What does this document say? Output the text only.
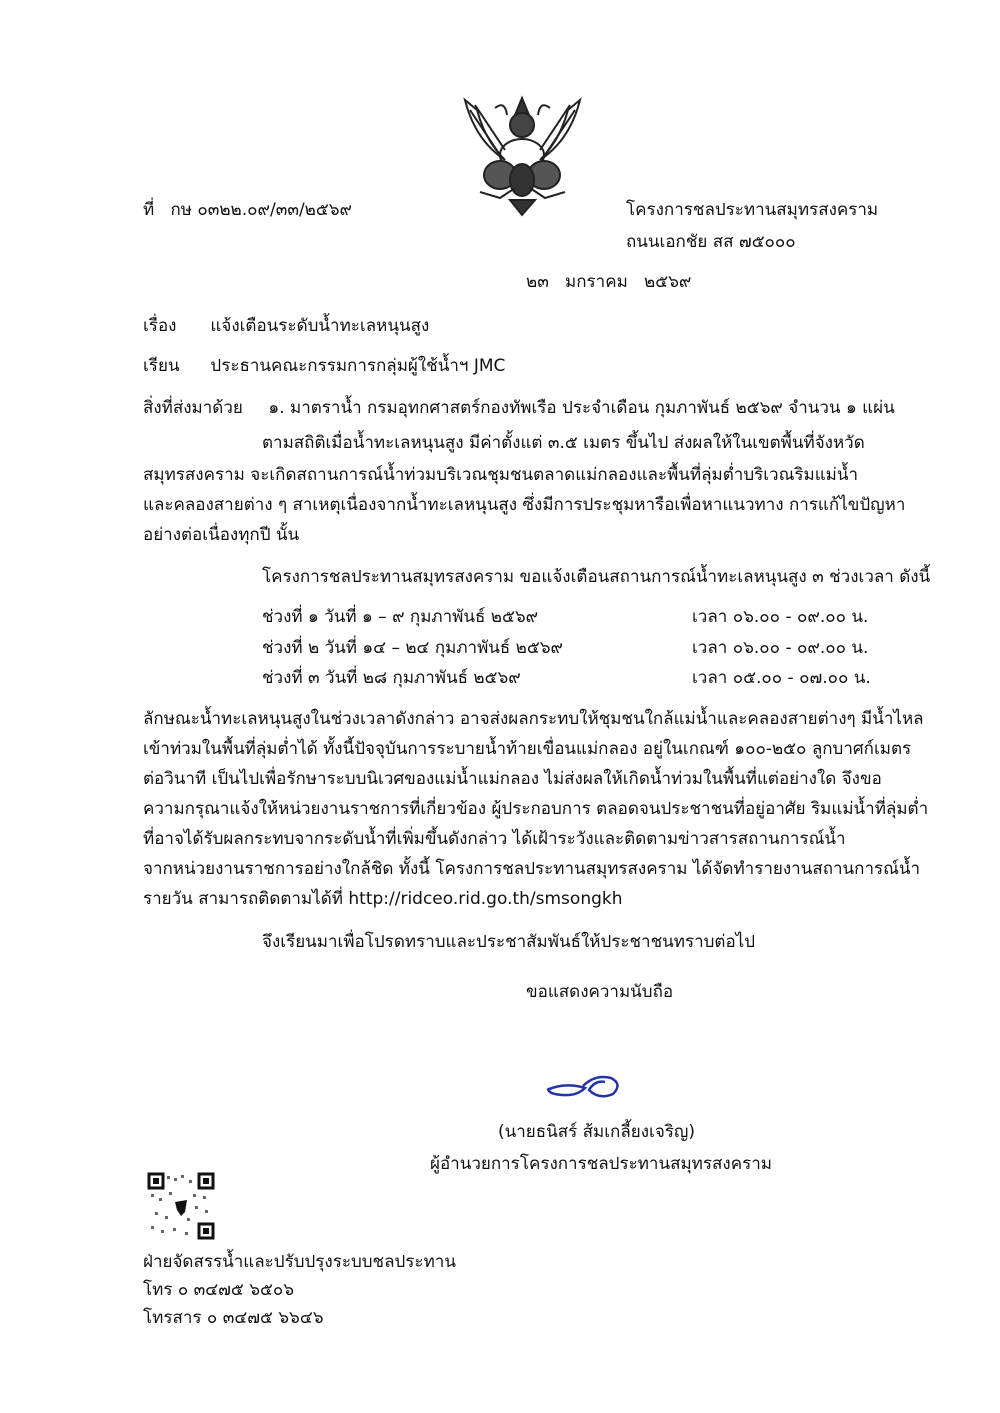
ที่ กษ ๐๓๒๒.๐๙/๓๓/๒๕๖๙	โครงการชลประทานสมุทรสงคราม
ถนนเอกชัย สส ๗๕๐๐๐
๒๓   มกราคม   ๒๕๖๙
เรื่อง แจ้งเตือนระดับน้ำทะเลหนุนสูง
เรียน ประธานคณะกรรมการกลุ่มผู้ใช้น้ำฯ JMC
สิ่งที่ส่งมาด้วย ๑. มาตราน้ำ กรมอุทกศาสตร์กองทัพเรือ ประจำเดือน กุมภาพันธ์ ๒๕๖๙ จำนวน ๑ แผ่น
ตามสถิติเมื่อน้ำทะเลหนุนสูง มีค่าตั้งแต่ ๓.๕ เมตร ขึ้นไป ส่งผลให้ในเขตพื้นที่จังหวัด
สมุทรสงคราม จะเกิดสถานการณ์น้ำท่วมบริเวณชุมชนตลาดแม่กลองและพื้นที่ลุ่มต่ำบริเวณริมแม่น้ำ
และคลองสายต่าง ๆ สาเหตุเนื่องจากน้ำทะเลหนุนสูง ซึ่งมีการประชุมหารือเพื่อหาแนวทาง การแก้ไขปัญหา
อย่างต่อเนื่องทุกปี นั้น
โครงการชลประทานสมุทรสงคราม ขอแจ้งเตือนสถานการณ์น้ำทะเลหนุนสูง ๓ ช่วงเวลา ดังนี้
ช่วงที่ ๑ วันที่ ๑ – ๙ กุมภาพันธ์ ๒๕๖๙	เวลา ๐๖.๐๐ - ๐๙.๐๐ น.
ช่วงที่ ๒ วันที่ ๑๔ – ๒๔ กุมภาพันธ์ ๒๕๖๙	เวลา ๐๖.๐๐ - ๐๙.๐๐ น.
ช่วงที่ ๓ วันที่ ๒๘ กุมภาพันธ์ ๒๕๖๙	เวลา ๐๕.๐๐ - ๐๗.๐๐ น.
ลักษณะน้ำทะเลหนุนสูงในช่วงเวลาดังกล่าว อาจส่งผลกระทบให้ชุมชนใกล้แม่น้ำและคลองสายต่างๆ มีน้ำไหล
เข้าท่วมในพื้นที่ลุ่มต่ำได้ ทั้งนี้ปัจจุบันการระบายน้ำท้ายเขื่อนแม่กลอง อยู่ในเกณฑ์ ๑๐๐-๒๕๐ ลูกบาศก์เมตร
ต่อวินาที เป็นไปเพื่อรักษาระบบนิเวศของแม่น้ำแม่กลอง ไม่ส่งผลให้เกิดน้ำท่วมในพื้นที่แต่อย่างใด จึงขอ
ความกรุณาแจ้งให้หน่วยงานราชการที่เกี่ยวข้อง ผู้ประกอบการ ตลอดจนประชาชนที่อยู่อาศัย ริมแม่น้ำที่ลุ่มต่ำ
ที่อาจได้รับผลกระทบจากระดับน้ำที่เพิ่มขึ้นดังกล่าว ได้เฝ้าระวังและติดตามข่าวสารสถานการณ์น้ำ
จากหน่วยงานราชการอย่างใกล้ชิด ทั้งนี้ โครงการชลประทานสมุทรสงคราม ได้จัดทำรายงานสถานการณ์น้ำ
รายวัน สามารถติดตามได้ที่ http://ridceo.rid.go.th/smsongkh
จึงเรียนมาเพื่อโปรดทราบและประชาสัมพันธ์ให้ประชาชนทราบต่อไป
ขอแสดงความนับถือ
(นายธนิสร์ ส้มเกลี้ยงเจริญ)
ผู้อำนวยการโครงการชลประทานสมุทรสงคราม
ฝ่ายจัดสรรน้ำและปรับปรุงระบบชลประทาน
โทร ๐ ๓๔๗๕ ๖๕๐๖
โทรสาร ๐ ๓๔๗๕ ๖๖๔๖
